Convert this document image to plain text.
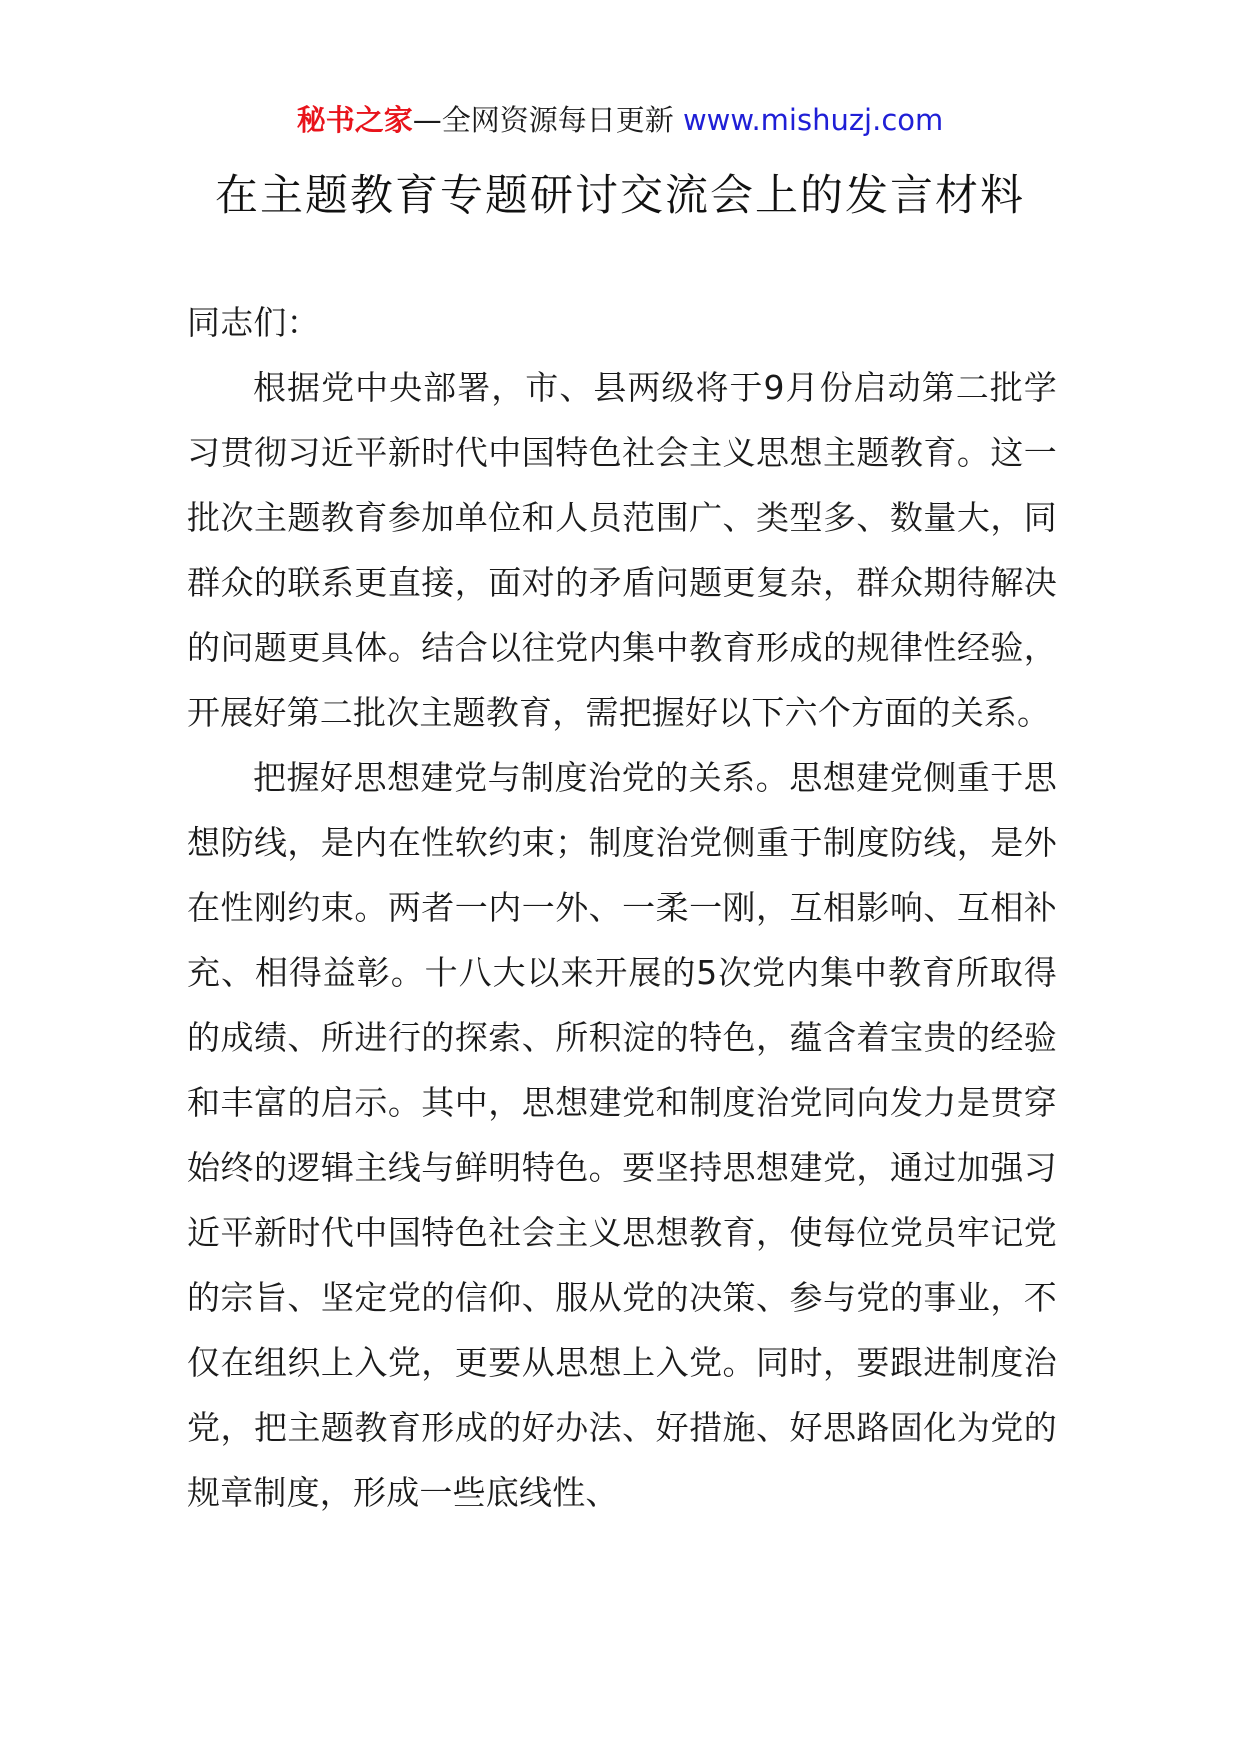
秘书之家—全网资源每日更新 www.mishuzj.com
在主题教育专题研讨交流会上的发言材料

同志们：

根据党中央部署，市、县两级将于9月份启动第二批学习贯彻习近平新时代中国特色社会主义思想主题教育。这一批次主题教育参加单位和人员范围广、类型多、数量大，同群众的联系更直接，面对的矛盾问题更复杂，群众期待解决的问题更具体。结合以往党内集中教育形成的规律性经验，开展好第二批次主题教育，需把握好以下六个方面的关系。

把握好思想建党与制度治党的关系。思想建党侧重于思想防线，是内在性软约束；制度治党侧重于制度防线，是外在性刚约束。两者一内一外、一柔一刚，互相影响、互相补充、相得益彰。十八大以来开展的5次党内集中教育所取得的成绩、所进行的探索、所积淀的特色，蕴含着宝贵的经验和丰富的启示。其中，思想建党和制度治党同向发力是贯穿始终的逻辑主线与鲜明特色。要坚持思想建党，通过加强习近平新时代中国特色社会主义思想教育，使每位党员牢记党的宗旨、坚定党的信仰、服从党的决策、参与党的事业，不仅在组织上入党，更要从思想上入党。同时，要跟进制度治党，把主题教育形成的好办法、好措施、好思路固化为党的规章制度，形成一些底线性、
